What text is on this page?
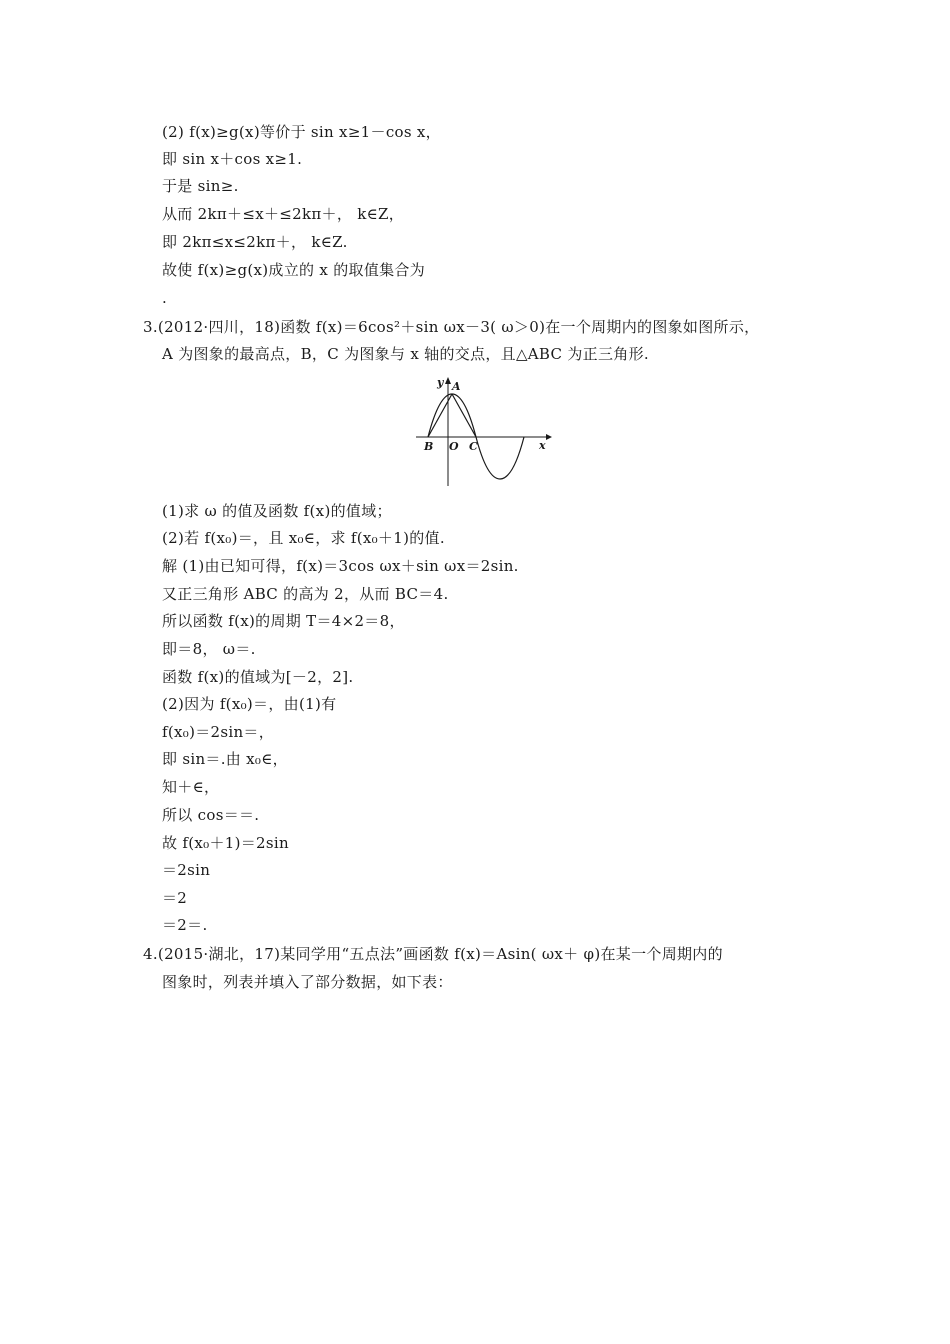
(2) f(x)≥g(x)等价于 sin x≥1－cos x，
即 sin x＋cos x≥1.
于是 sin≥.
从而 2kπ＋≤x＋≤2kπ＋， k∈Z，
即 2kπ≤x≤2kπ＋， k∈Z.
故使 f(x)≥g(x)成立的 x 的取值集合为
.
3.(2012·四川，18)函数 f(x)＝6cos²＋sin ωx－3( ω＞0)在一个周期内的图象如图所示，
A 为图象的最高点，B，C 为图象与 x 轴的交点，且△ABC 为正三角形.
y A
x
B O C
(1)求 ω 的值及函数 f(x)的值域；
(2)若 f(x₀)＝，且 x₀∈，求 f(x₀＋1)的值.
解 (1)由已知可得，f(x)＝3cos ωx＋sin ωx＝2sin.
又正三角形 ABC 的高为 2，从而 BC＝4.
所以函数 f(x)的周期 T＝4×2＝8，
即＝8， ω＝.
函数 f(x)的值域为[－2，2].
(2)因为 f(x₀)＝，由(1)有
f(x₀)＝2sin＝，
即 sin＝.由 x₀∈，
知＋∈，
所以 cos＝＝.
故 f(x₀＋1)＝2sin
＝2sin
＝2
＝2＝.
4.(2015·湖北，17)某同学用“五点法”画函数 f(x)＝Asin( ωx＋ φ)在某一个周期内的
图象时，列表并填入了部分数据，如下表：
